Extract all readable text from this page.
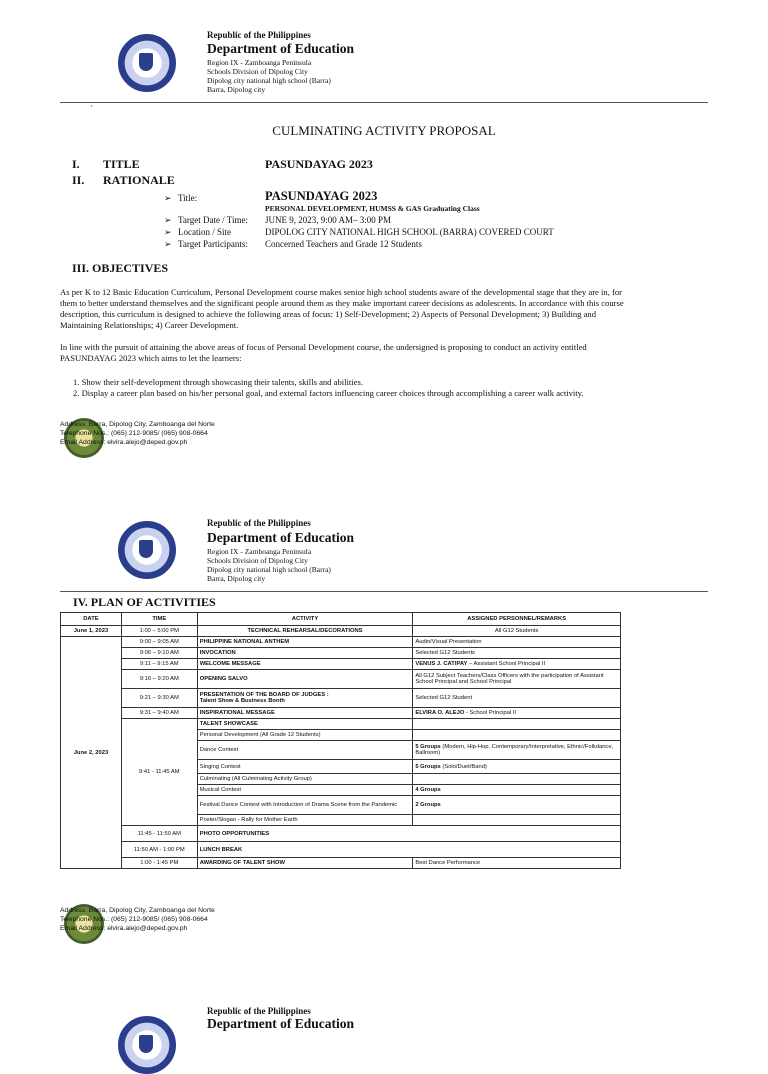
Republic of the Philippines
Department of Education
Region IX - Zamboanga Peninsula
Schools Division of Dipolog City
Dipolog city national high school (Barra)
Barra, Dipolog city
`
CULMINATING ACTIVITY PROPOSAL
I. TITLE	PASUNDAYAG 2023
II. RATIONALE
➢ Title:	PASUNDAYAG 2023
PERSONAL DEVELOPMENT, HUMSS & GAS Graduating Class
➢ Target Date / Time: JUNE 9, 2023, 9:00 AM– 3:00 PM
➢ Location / Site	DIPOLOG CITY NATIONAL HIGH SCHOOL (BARRA) COVERED COURT
➢ Target Participants: Concerned Teachers and Grade 12 Students
III. OBJECTIVES
As per K to 12 Basic Education Curriculum, Personal Development course makes senior high school students aware of the developmental stage that they are in, for
them to better understand themselves and the significant people around them as they make important career decisions as adolescents. In accordance with this course
description, this curriculum is designed to achieve the following areas of focus: 1) Self-Development; 2) Aspects of Personal Development; 3) Building and
Maintaining Relationships; 4) Career Development.
In line with the pursuit of attaining the above areas of focus of Personal Development course, the undersigned is proposing to conduct an activity entitled
PASUNDAYAG 2023 which aims to let the learners:
1. Show their self-development through showcasing their talents, skills and abilities.
2. Display a career plan based on his/her personal goal, and external factors influencing career choices through accomplishing a career walk activity.
Address: Barra, Dipolog City, Zamboanga del Norte
Telephone Nos.: (065) 212-9085/ (065) 908-0664
Email Address: elvira.alejo@deped.gov.ph
Republic of the Philippines
Department of Education
Region IX - Zamboanga Peninsula
Schools Division of Dipolog City
Dipolog city national high school (Barra)
Barra, Dipolog city
IV. PLAN OF ACTIVITIES
DATE	TIME	ACTIVITY	ASSIGNED PERSONNEL/REMARKS
June 1, 2023	1:00 – 5:00 PM	TECHNICAL REHEARSAL/DECORATIONS	All G12 Students
June 2, 2023	9:00 – 9:05 AM	PHILIPPINE NATIONAL ANTHEM	Audio/Visual Presentation
	9:06 – 9:10 AM	INVOCATION	Selected G12 Students
	9:11 – 9:15 AM	WELCOME MESSAGE	VENUS J. CATIPAY – Assistant School Principal II
	9:16 – 9:20 AM	OPENING SALVO	All G12 Subject Teachers/Class Officers with the participation of Assistant School Principal and School Principal
	9:21 – 9:30 AM	PRESENTATION OF THE BOARD OF JUDGES :
Talent Show & Business Booth	Selected G12 Student
	9:31 – 9:40 AM	INSPIRATIONAL MESSAGE	ELVIRA O. ALEJO - School Principal II
	9:41 - 11:45 AM	TALENT SHOWCASE	
		Personal Development (All Grade 12 Students)	
		Dance Contest	5 Groups (Modern, Hip-Hop, Contemporary/Interpretative, Ethnic/Folkdance, Ballroom)
		Singing Contest	5 Groups (Solo/Duet/Band)
		Culminating (All Culminating Activity Group)	
		Musical Contest	4 Groups
		Festival Dance Contest with Introduction of Drama Scene from the Pandemic	2 Groups
		Poster/Slogan - Rally for Mother Earth	
	11:45 - 11:50 AM	PHOTO OPPORTUNITIES	
	11:50 AM - 1:00 PM	LUNCH BREAK	
	1:00 - 1:45 PM	AWARDING OF TALENT SHOW	Best Dance Performance
Address: Barra, Dipolog City, Zamboanga del Norte
Telephone Nos.: (065) 212-9085/ (065) 908-0664
Email Address: elvira.alejo@deped.gov.ph
Republic of the Philippines
Department of Education
